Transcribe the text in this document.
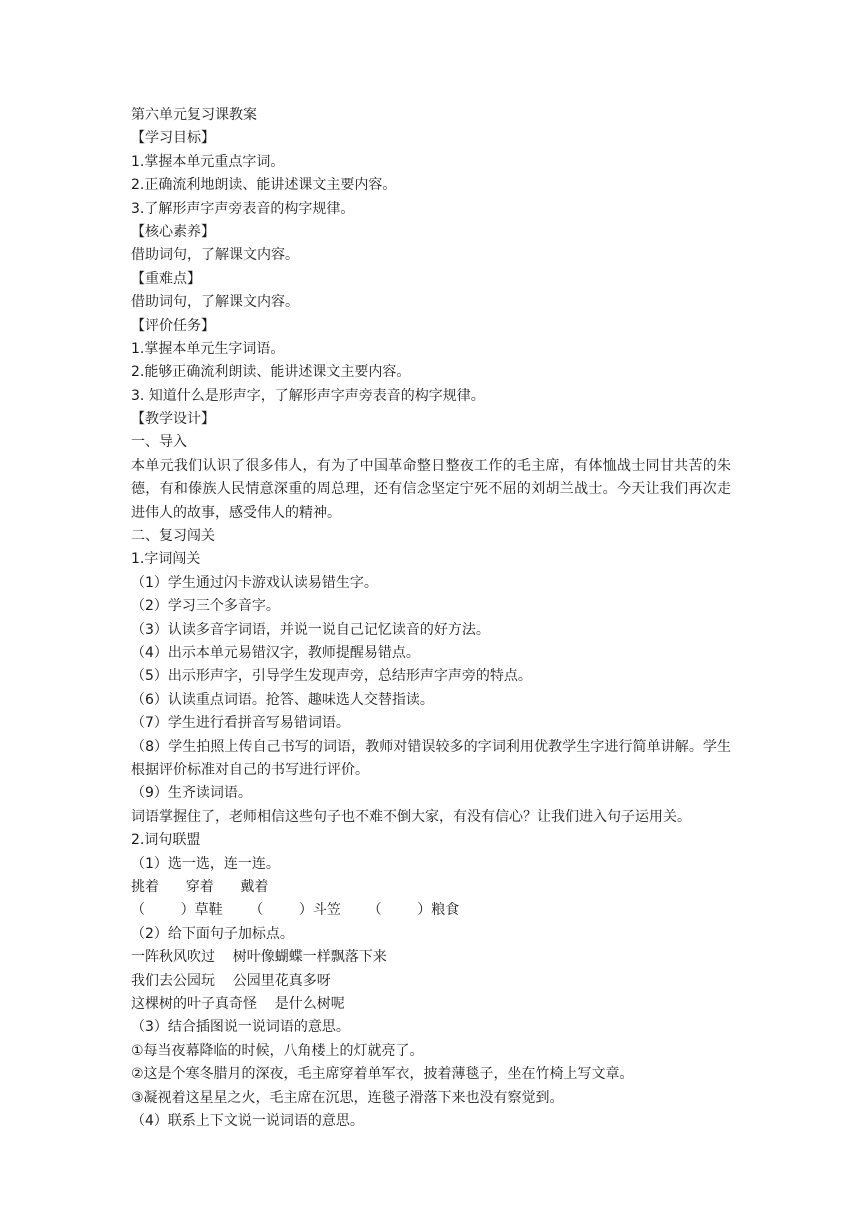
第六单元复习课教案
【学习目标】
1.掌握本单元重点字词。
2.正确流利地朗读、能讲述课文主要内容。
3.了解形声字声旁表音的构字规律。
【核心素养】
借助词句，了解课文内容。
【重难点】
借助词句，了解课文内容。
【评价任务】
1.掌握本单元生字词语。
2.能够正确流利朗读、能讲述课文主要内容。
3. 知道什么是形声字，了解形声字声旁表音的构字规律。
【教学设计】
一、导入
本单元我们认识了很多伟人，有为了中国革命整日整夜工作的毛主席，有体恤战士同甘共苦的朱德，有和傣族人民情意深重的周总理，还有信念坚定宁死不屈的刘胡兰战士。今天让我们再次走进伟人的故事，感受伟人的精神。
二、复习闯关
1.字词闯关
（1）学生通过闪卡游戏认读易错生字。
（2）学习三个多音字。
（3）认读多音字词语，并说一说自己记忆读音的好方法。
（4）出示本单元易错汉字，教师提醒易错点。
（5）出示形声字，引导学生发现声旁，总结形声字声旁的特点。
（6）认读重点词语。抢答、趣味选人交替指读。
（7）学生进行看拼音写易错词语。
（8）学生拍照上传自己书写的词语，教师对错误较多的字词利用优教学生字进行简单讲解。学生根据评价标准对自己的书写进行评价。
（9）生齐读词语。
词语掌握住了，老师相信这些句子也不难不倒大家，有没有信心？让我们进入句子运用关。
2.词句联盟
（1）选一选，连一连。
挑着      穿着      戴着
（        ）草鞋      （        ）斗笠      （        ）粮食
（2）给下面句子加标点。
一阵秋风吹过    树叶像蝴蝶一样飘落下来
我们去公园玩    公园里花真多呀
这棵树的叶子真奇怪    是什么树呢
（3）结合插图说一说词语的意思。
①每当夜幕降临的时候，八角楼上的灯就亮了。
②这是个寒冬腊月的深夜，毛主席穿着单军衣，披着薄毯子，坐在竹椅上写文章。
③凝视着这星星之火，毛主席在沉思，连毯子滑落下来也没有察觉到。
（4）联系上下文说一说词语的意思。
